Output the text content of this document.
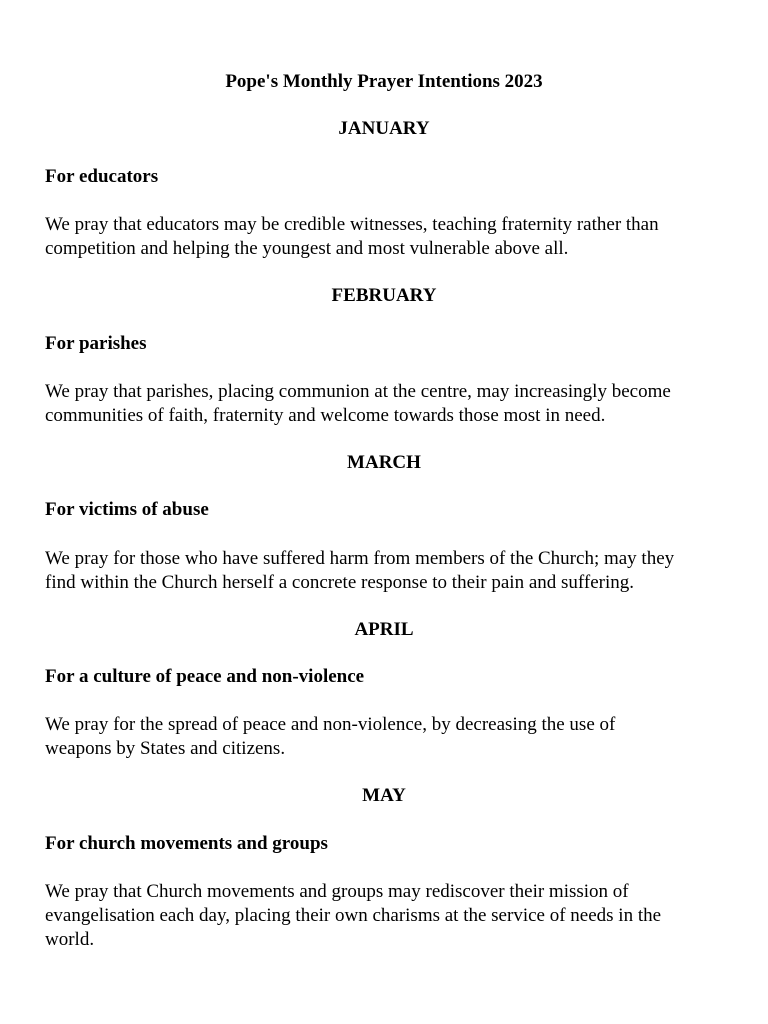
Pope's Monthly Prayer Intentions 2023
JANUARY
For educators

We pray that educators may be credible witnesses, teaching fraternity rather than
competition and helping the youngest and most vulnerable above all.

FEBRUARY
For parishes

We pray that parishes, placing communion at the centre, may increasingly become
communities of faith, fraternity and welcome towards those most in need.

MARCH
For victims of abuse

We pray for those who have suffered harm from members of the Church; may they
find within the Church herself a concrete response to their pain and suffering.

APRIL
For a culture of peace and non-violence

We pray for the spread of peace and non-violence, by decreasing the use of
weapons by States and citizens.

MAY
For church movements and groups

We pray that Church movements and groups may rediscover their mission of
evangelisation each day, placing their own charisms at the service of needs in the
world.
